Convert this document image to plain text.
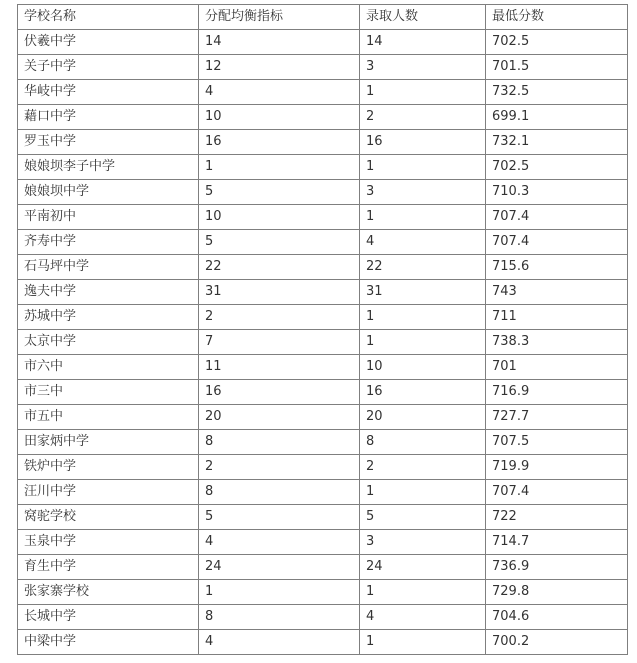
学校名称	分配均衡指标	录取人数	最低分数
伏羲中学	14	14	702.5
关子中学	12	3	701.5
华岐中学	4	1	732.5
藉口中学	10	2	699.1
罗玉中学	16	16	732.1
娘娘坝李子中学	1	1	702.5
娘娘坝中学	5	3	710.3
平南初中	10	1	707.4
齐寿中学	5	4	707.4
石马坪中学	22	22	715.6
逸夫中学	31	31	743
苏城中学	2	1	711
太京中学	7	1	738.3
市六中	11	10	701
市三中	16	16	716.9
市五中	20	20	727.7
田家炳中学	8	8	707.5
铁炉中学	2	2	719.9
汪川中学	8	1	707.4
窝驼学校	5	5	722
玉泉中学	4	3	714.7
育生中学	24	24	736.9
张家寨学校	1	1	729.8
长城中学	8	4	704.6
中梁中学	4	1	700.2
